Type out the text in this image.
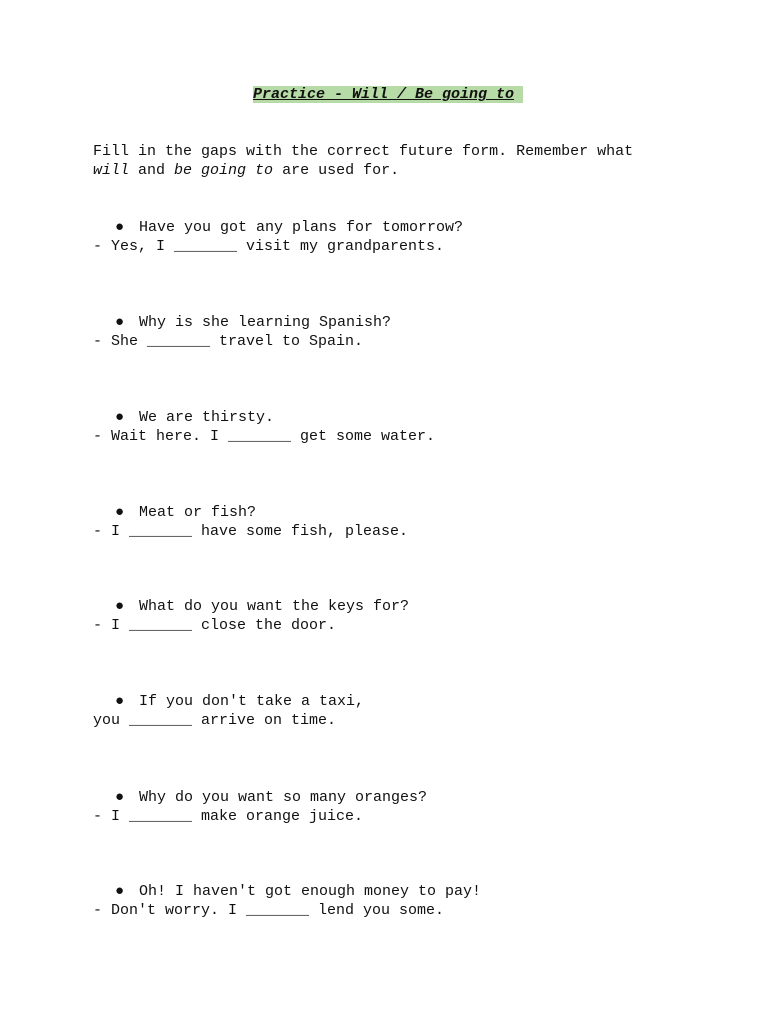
Practice - Will / Be going to
Fill in the gaps with the correct future form. Remember what
will and be going to are used for.
● Have you got any plans for tomorrow?
- Yes, I _______ visit my grandparents.
● Why is she learning Spanish?
- She _______ travel to Spain.
● We are thirsty.
- Wait here. I _______ get some water.
● Meat or fish?
- I _______ have some fish, please.
● What do you want the keys for?
- I _______ close the door.
● If you don't take a taxi,
you _______ arrive on time.
● Why do you want so many oranges?
- I _______ make orange juice.
● Oh! I haven't got enough money to pay!
- Don't worry. I _______ lend you some.
